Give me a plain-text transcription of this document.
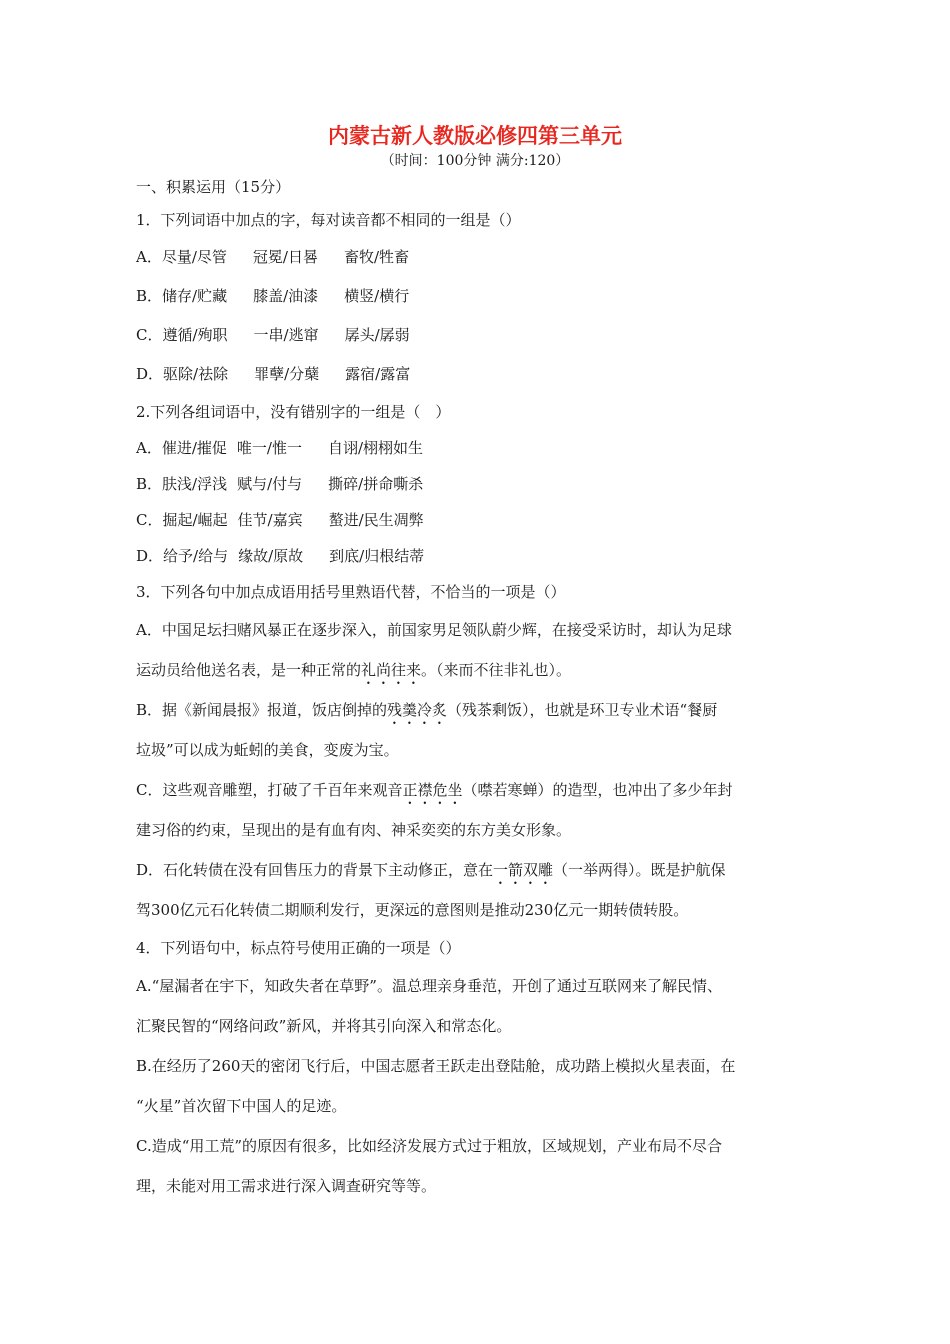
内蒙古新人教版必修四第三单元
（时间：100分钟 满分:120）
一、积累运用（15分）
1．下列词语中加点的字，每对读音都不相同的一组是（）
A．尽量/尽管 冠冕/日晷 畜牧/牲畜
B．储存/贮藏 膝盖/油漆 横竖/横行
C．遵循/殉职 一串/逃窜 孱头/孱弱
D．驱除/祛除 罪孽/分蘖 露宿/露富
2.下列各组词语中，没有错别字的一组是（　）
A．催进/摧促 唯一/惟一 自诩/栩栩如生
B．肤浅/浮浅 赋与/付与 撕碎/拼命嘶杀
C．掘起/崛起 佳节/嘉宾 螯进/民生凋弊
D．给予/给与 缘故/原故 到底/归根结蒂
3．下列各句中加点成语用括号里熟语代替，不恰当的一项是（）
A．中国足坛扫赌风暴正在逐步深入，前国家男足领队蔚少辉，在接受采访时，却认为足球
运动员给他送名表，是一种正常的礼尚往来。（来而不往非礼也）。
B．据《新闻晨报》报道，饭店倒掉的残羹冷炙（残茶剩饭），也就是环卫专业术语“餐厨
垃圾”可以成为蚯蚓的美食，变废为宝。
C．这些观音雕塑，打破了千百年来观音正襟危坐（噤若寒蝉）的造型，也冲出了多少年封
建习俗的约束，呈现出的是有血有肉、神采奕奕的东方美女形象。
D．石化转债在没有回售压力的背景下主动修正，意在一箭双雕（一举两得）。既是护航保
驾300亿元石化转债二期顺利发行，更深远的意图则是推动230亿元一期转债转股。
4．下列语句中，标点符号使用正确的一项是（）
A.“屋漏者在宇下，知政失者在草野”。温总理亲身垂范，开创了通过互联网来了解民情、
汇聚民智的“网络问政”新风，并将其引向深入和常态化。
B.在经历了260天的密闭飞行后，中国志愿者王跃走出登陆舱，成功踏上模拟火星表面，在
“火星”首次留下中国人的足迹。
C.造成“用工荒”的原因有很多，比如经济发展方式过于粗放，区域规划，产业布局不尽合
理，未能对用工需求进行深入调查研究等等。
